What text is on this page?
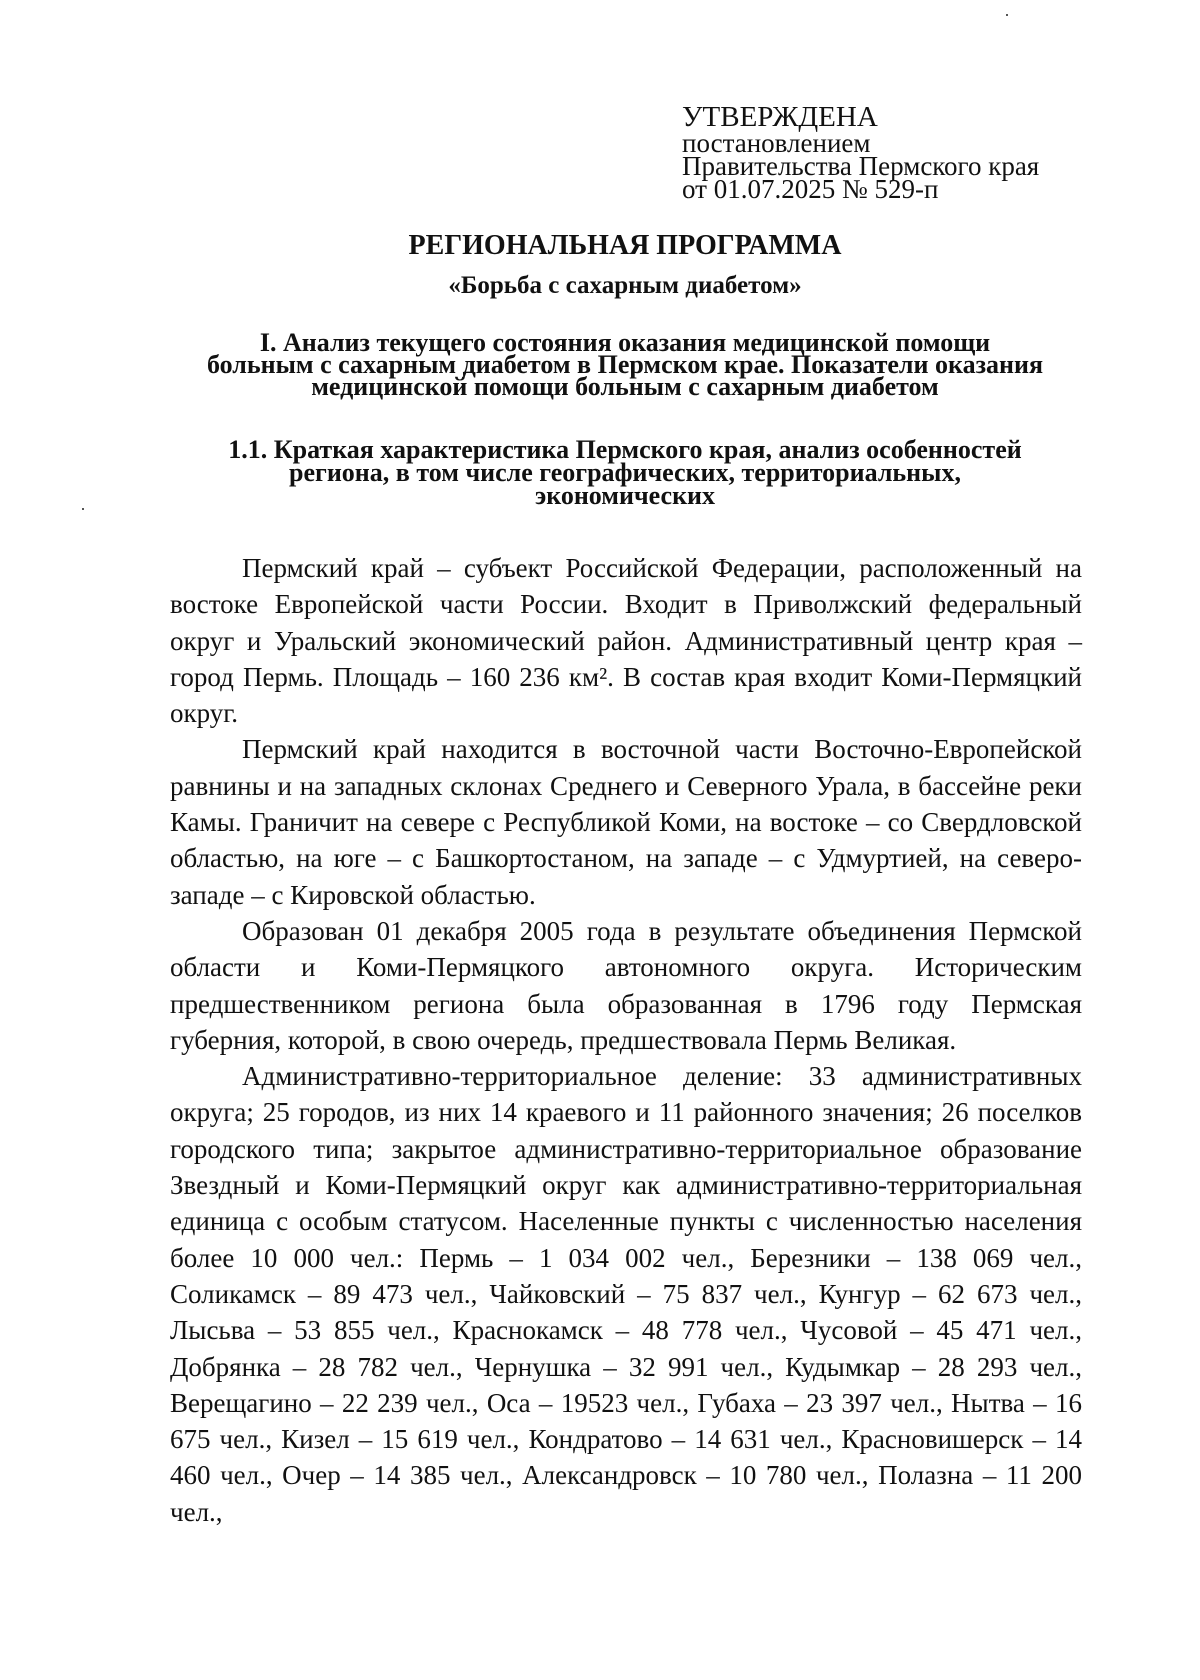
УТВЕРЖДЕНА
постановлением
Правительства Пермского края
от 01.07.2025 № 529-п
РЕГИОНАЛЬНАЯ ПРОГРАММА
«Борьба с сахарным диабетом»
I. Анализ текущего состояния оказания медицинской помощи
больным с сахарным диабетом в Пермском крае. Показатели оказания
медицинской помощи больным с сахарным диабетом
1.1. Краткая характеристика Пермского края, анализ особенностей
региона, в том числе географических, территориальных,
экономических

Пермский край – субъект Российской Федерации, расположенный на востоке Европейской части России. Входит в Приволжский федеральный округ и Уральский экономический район. Административный центр края – город Пермь. Площадь – 160 236 км². В состав края входит Коми-Пермяцкий округ.

Пермский край находится в восточной части Восточно-Европейской равнины и на западных склонах Среднего и Северного Урала, в бассейне реки Камы. Граничит на севере с Республикой Коми, на востоке – со Свердловской областью, на юге – с Башкортостаном, на западе – с Удмуртией, на северо-западе – с Кировской областью.

Образован 01 декабря 2005 года в результате объединения Пермской области и Коми-Пермяцкого автономного округа. Историческим предшественником региона была образованная в 1796 году Пермская губерния, которой, в свою очередь, предшествовала Пермь Великая.

Административно-территориальное деление: 33 административных округа; 25 городов, из них 14 краевого и 11 районного значения; 26 поселков городского типа; закрытое административно-территориальное образование Звездный и Коми-Пермяцкий округ как административно-территориальная единица с особым статусом. Населенные пункты с численностью населения более 10 000 чел.: Пермь – 1 034 002 чел., Березники – 138 069 чел., Соликамск – 89 473 чел., Чайковский – 75 837 чел., Кунгур – 62 673 чел., Лысьва – 53 855 чел., Краснокамск – 48 778 чел., Чусовой – 45 471 чел., Добрянка – 28 782 чел., Чернушка – 32 991 чел., Кудымкар – 28 293 чел., Верещагино – 22 239 чел., Оса – 19523 чел., Губаха – 23 397 чел., Нытва – 16 675 чел., Кизел – 15 619 чел., Кондратово – 14 631 чел., Красновишерск – 14 460 чел., Очер – 14 385 чел., Александровск – 10 780 чел., Полазна – 11 200 чел.,
